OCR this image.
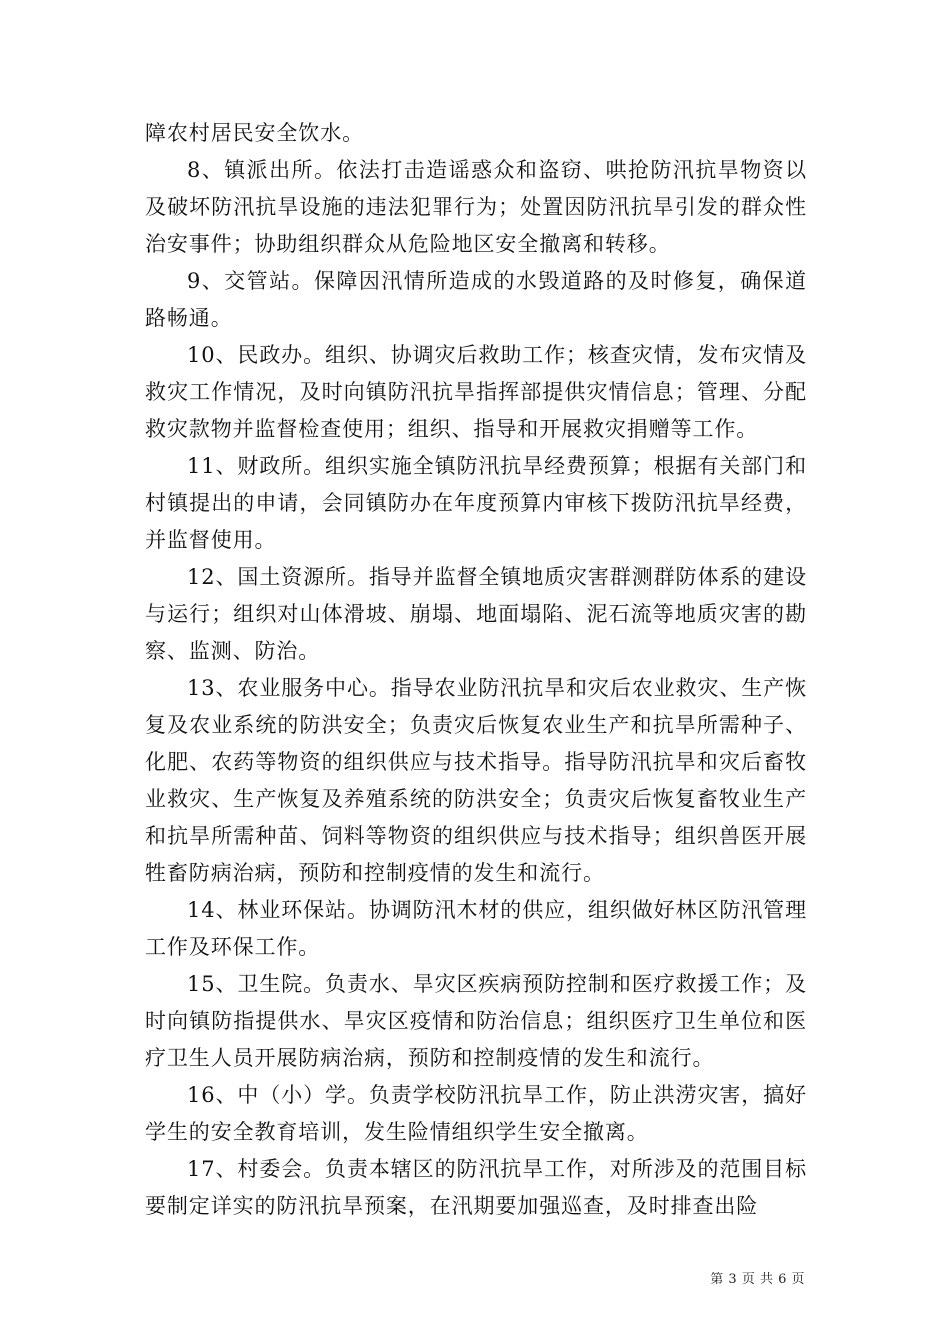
障农村居民安全饮水。

8、镇派出所。依法打击造谣惑众和盗窃、哄抢防汛抗旱物资以及破坏防汛抗旱设施的违法犯罪行为；处置因防汛抗旱引发的群众性治安事件；协助组织群众从危险地区安全撤离和转移。

9、交管站。保障因汛情所造成的水毁道路的及时修复，确保道路畅通。

10、民政办。组织、协调灾后救助工作；核查灾情，发布灾情及救灾工作情况，及时向镇防汛抗旱指挥部提供灾情信息；管理、分配救灾款物并监督检查使用；组织、指导和开展救灾捐赠等工作。

11、财政所。组织实施全镇防汛抗旱经费预算；根据有关部门和村镇提出的申请，会同镇防办在年度预算内审核下拨防汛抗旱经费，并监督使用。

12、国土资源所。指导并监督全镇地质灾害群测群防体系的建设与运行；组织对山体滑坡、崩塌、地面塌陷、泥石流等地质灾害的勘察、监测、防治。

13、农业服务中心。指导农业防汛抗旱和灾后农业救灾、生产恢复及农业系统的防洪安全；负责灾后恢复农业生产和抗旱所需种子、化肥、农药等物资的组织供应与技术指导。指导防汛抗旱和灾后畜牧业救灾、生产恢复及养殖系统的防洪安全；负责灾后恢复畜牧业生产和抗旱所需种苗、饲料等物资的组织供应与技术指导；组织兽医开展牲畜防病治病，预防和控制疫情的发生和流行。

14、林业环保站。协调防汛木材的供应，组织做好林区防汛管理工作及环保工作。

15、卫生院。负责水、旱灾区疾病预防控制和医疗救援工作；及时向镇防指提供水、旱灾区疫情和防治信息；组织医疗卫生单位和医疗卫生人员开展防病治病，预防和控制疫情的发生和流行。

16、中（小）学。负责学校防汛抗旱工作，防止洪涝灾害，搞好学生的安全教育培训，发生险情组织学生安全撤离。

17、村委会。负责本辖区的防汛抗旱工作，对所涉及的范围目标要制定详实的防汛抗旱预案，在汛期要加强巡查，及时排查出险

第 3 页 共 6 页
